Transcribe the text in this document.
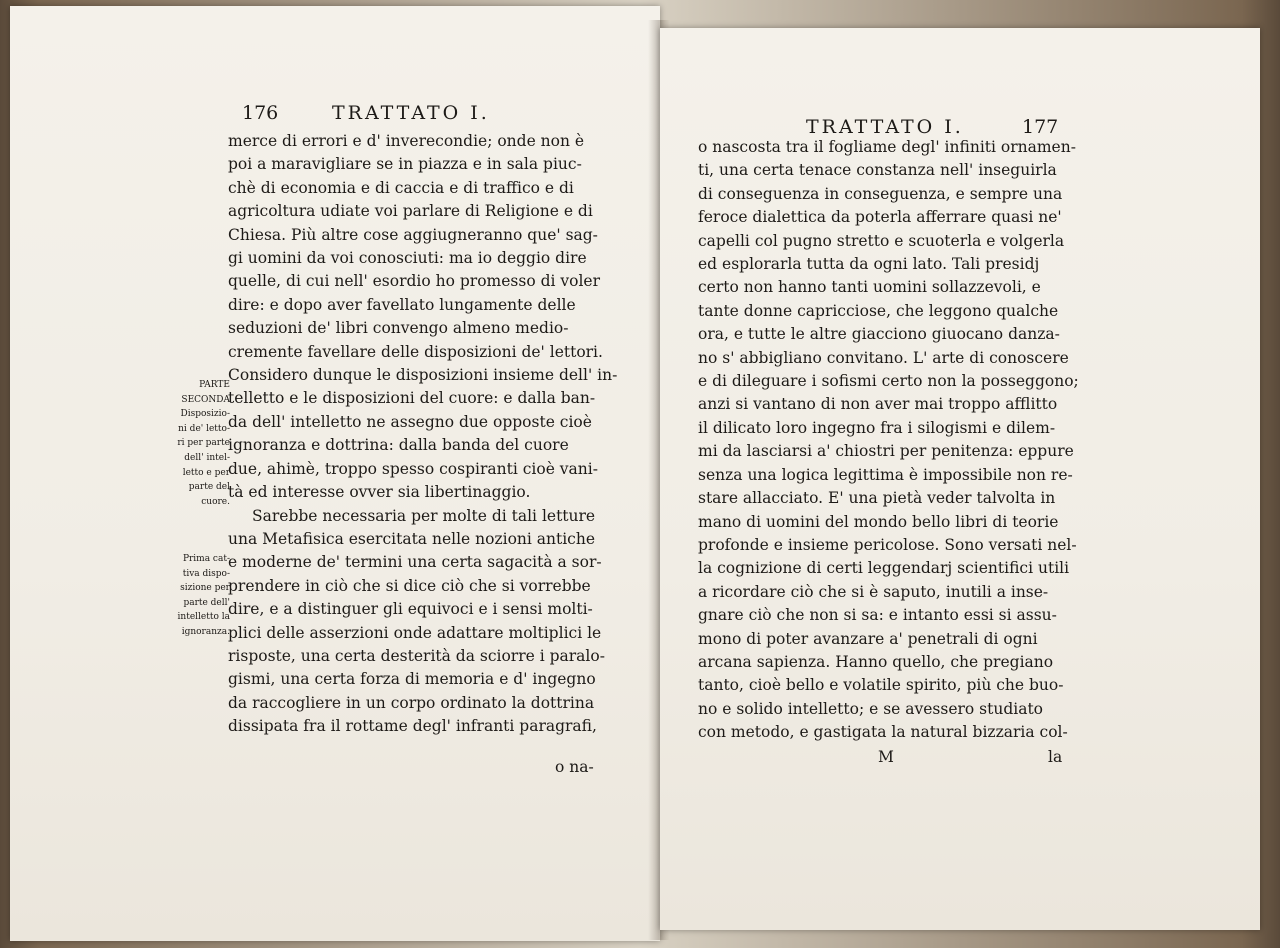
176	TRATTATO I.
PARTE
SECONDA
Disposizio-
ni de' letto-
ri per parte
dell' intel-
letto e per
parte del
cuore.
Prima cat-
tiva dispo-
sizione per
parte dell'
intelletto la
ignoranza.
merce di errori e d' inverecondie; onde non è
poi a maravigliare se in piazza e in sala piuc-
chè di economia e di caccia e di traffico e di
agricoltura udiate voi parlare di Religione e di
Chiesa. Più altre cose aggiugneranno que' sag-
gi uomini da voi conosciuti: ma io deggio dire
quelle, di cui nell' esordio ho promesso di voler
dire: e dopo aver favellato lungamente delle
seduzioni de' libri convengo almeno medio-
cremente favellare delle disposizioni de' lettori.
Considero dunque le disposizioni insieme dell' in-
telletto e le disposizioni del cuore: e dalla ban-
da dell' intelletto ne assegno due opposte cioè
ignoranza e dottrina: dalla banda del cuore
due, ahimè, troppo spesso cospiranti cioè vani-
tà ed interesse ovver sia libertinaggio.
Sarebbe necessaria per molte di tali letture
una Metafisica esercitata nelle nozioni antiche
e moderne de' termini una certa sagacità a sor-
prendere in ciò che si dice ciò che si vorrebbe
dire, e a distinguer gli equivoci e i sensi molti-
plici delle asserzioni onde adattare moltiplici le
risposte, una certa desterità da sciorre i paralo-
gismi, una certa forza di memoria e d' ingegno
da raccogliere in un corpo ordinato la dottrina
dissipata fra il rottame degl' infranti paragrafi,
o na-
TRATTATO I.	177
o nascosta tra il fogliame degl' infiniti ornamen-
ti, una certa tenace constanza nell' inseguirla
di conseguenza in conseguenza, e sempre una
feroce dialettica da poterla afferrare quasi ne'
capelli col pugno stretto e scuoterla e volgerla
ed esplorarla tutta da ogni lato. Tali presidj
certo non hanno tanti uomini sollazzevoli, e
tante donne capricciose, che leggono qualche
ora, e tutte le altre giacciono giuocano danza-
no s' abbigliano convitano. L' arte di conoscere
e di dileguare i sofismi certo non la posseggono;
anzi si vantano di non aver mai troppo afflitto
il dilicato loro ingegno fra i silogismi e dilem-
mi da lasciarsi a' chiostri per penitenza: eppure
senza una logica legittima è impossibile non re-
stare allacciato. E' una pietà veder talvolta in
mano di uomini del mondo bello libri di teorie
profonde e insieme pericolose. Sono versati nel-
la cognizione di certi leggendarj scientifici utili
a ricordare ciò che si è saputo, inutili a inse-
gnare ciò che non si sa: e intanto essi si assu-
mono di poter avanzare a' penetrali di ogni
arcana sapienza. Hanno quello, che pregiano
tanto, cioè bello e volatile spirito, più che buo-
no e solido intelletto; e se avessero studiato
con metodo, e gastigata la natural bizzaria col-
M	la
